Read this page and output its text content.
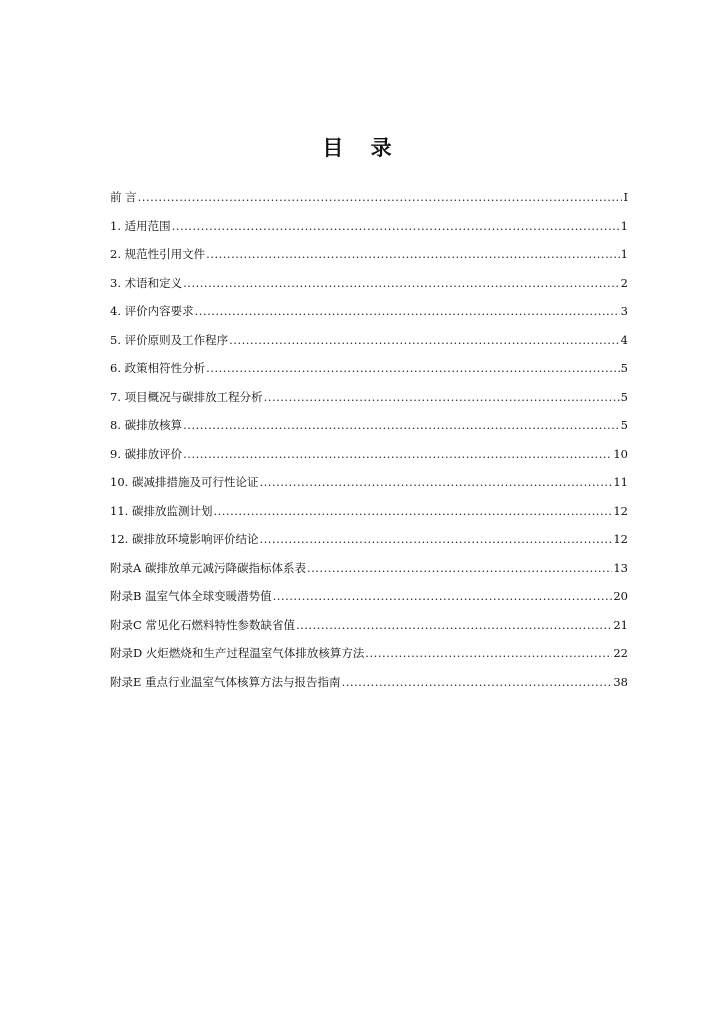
目 录
前 言 .....	I
1. 适用范围 .....	1
2. 规范性引用文件 .....	1
3. 术语和定义 .....	2
4. 评价内容要求 .....	3
5. 评价原则及工作程序 .....	4
6. 政策相符性分析 .....	5
7. 项目概况与碳排放工程分析 .....	5
8. 碳排放核算 .....	5
9. 碳排放评价 .....	10
10. 碳减排措施及可行性论证 .....	11
11. 碳排放监测计划 .....	12
12. 碳排放环境影响评价结论 .....	12
附录A 碳排放单元减污降碳指标体系表 .....	13
附录B 温室气体全球变暖潜势值 .....	20
附录C 常见化石燃料特性参数缺省值 .....	21
附录D 火炬燃烧和生产过程温室气体排放核算方法 .....	22
附录E 重点行业温室气体核算方法与报告指南 .....	38
